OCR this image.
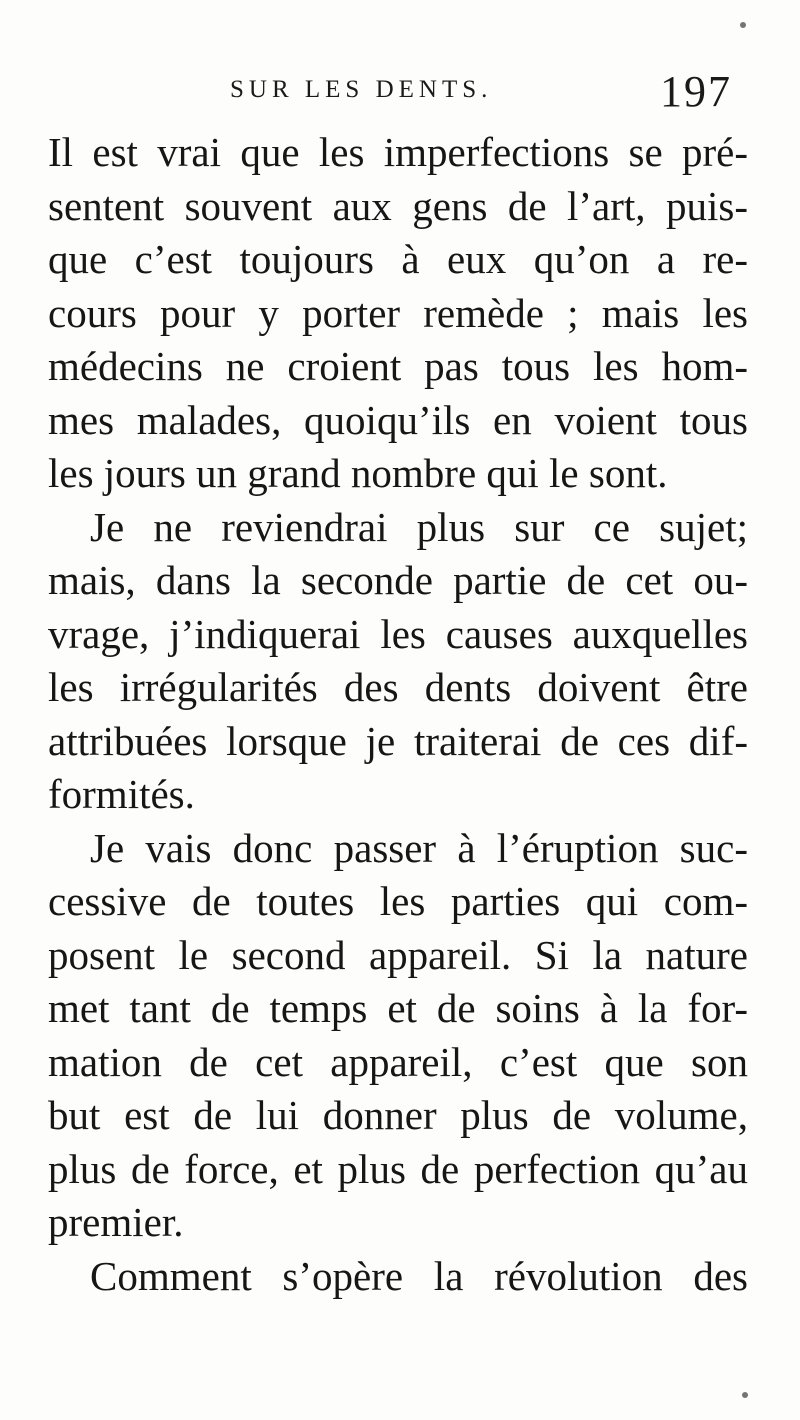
SUR LES DENTS.	197
Il est vrai que les imperfections se pré-
sentent souvent aux gens de l’art, puis-
que c’est toujours à eux qu’on a re-
cours pour y porter remède ; mais les
médecins ne croient pas tous les hom-
mes malades, quoiqu’ils en voient tous
les jours un grand nombre qui le sont.
Je ne reviendrai plus sur ce sujet;
mais, dans la seconde partie de cet ou-
vrage, j’indiquerai les causes auxquelles
les irrégularités des dents doivent être
attribuées lorsque je traiterai de ces dif-
formités.
Je vais donc passer à l’éruption suc-
cessive de toutes les parties qui com-
posent le second appareil. Si la nature
met tant de temps et de soins à la for-
mation de cet appareil, c’est que son
but est de lui donner plus de volume,
plus de force, et plus de perfection qu’au
premier.
Comment s’opère la révolution des
